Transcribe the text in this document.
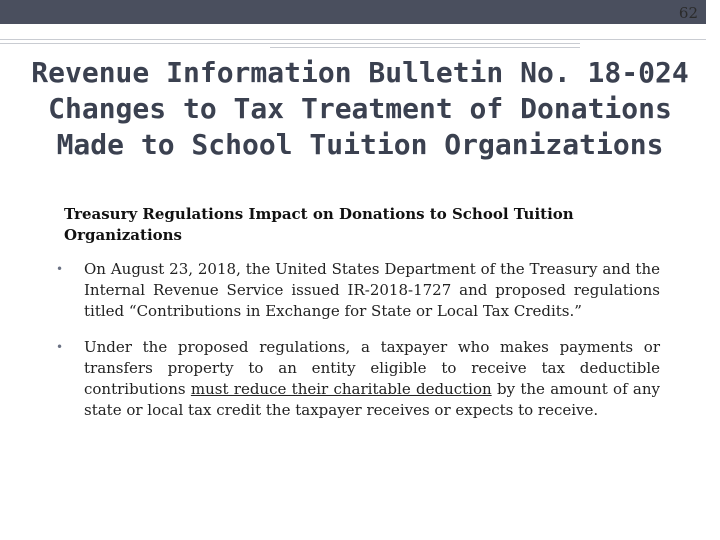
62
Revenue Information Bulletin No. 18-024
Changes to Tax Treatment of Donations
Made to School Tuition Organizations

Treasury Regulations Impact on Donations to School Tuition Organizations

• On August 23, 2018, the United States Department of the Treasury and the Internal Revenue Service issued IR-2018-1727 and proposed regulations titled “Contributions in Exchange for State or Local Tax Credits.”
• Under the proposed regulations, a taxpayer who makes payments or transfers property to an entity eligible to receive tax deductible contributions must reduce their charitable deduction by the amount of any state or local tax credit the taxpayer receives or expects to receive.
